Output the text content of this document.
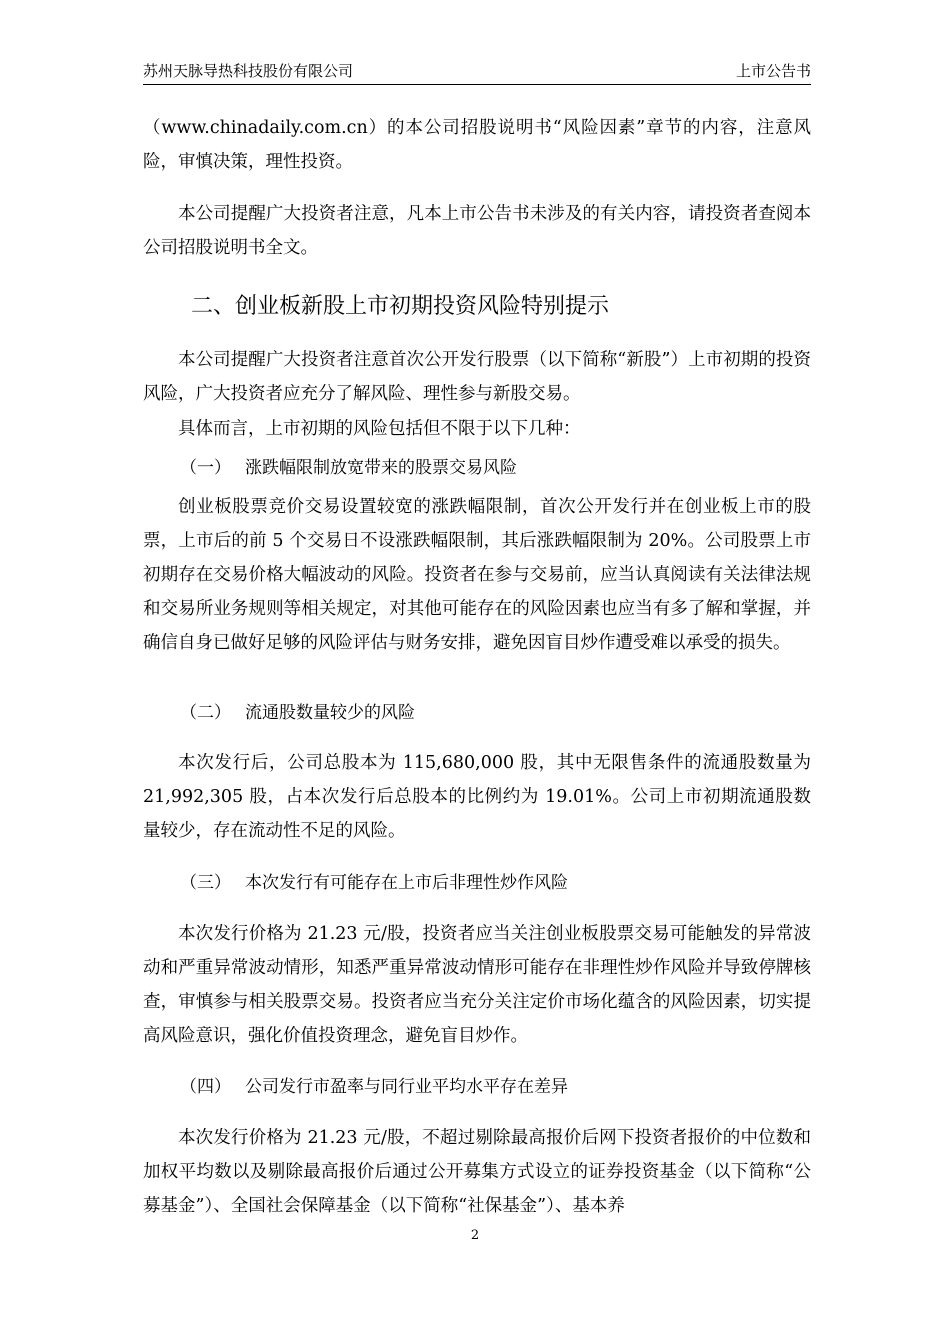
苏州天脉导热科技股份有限公司	上市公告书

（www.chinadaily.com.cn）的本公司招股说明书“风险因素”章节的内容，注意风险，审慎决策，理性投资。

本公司提醒广大投资者注意，凡本上市公告书未涉及的有关内容，请投资者查阅本公司招股说明书全文。

二、创业板新股上市初期投资风险特别提示

本公司提醒广大投资者注意首次公开发行股票（以下简称“新股”）上市初期的投资风险，广大投资者应充分了解风险、理性参与新股交易。

具体而言，上市初期的风险包括但不限于以下几种：

（一） 涨跌幅限制放宽带来的股票交易风险

创业板股票竞价交易设置较宽的涨跌幅限制，首次公开发行并在创业板上市的股票，上市后的前 5 个交易日不设涨跌幅限制，其后涨跌幅限制为 20%。公司股票上市初期存在交易价格大幅波动的风险。投资者在参与交易前，应当认真阅读有关法律法规和交易所业务规则等相关规定，对其他可能存在的风险因素也应当有多了解和掌握，并确信自身已做好足够的风险评估与财务安排，避免因盲目炒作遭受难以承受的损失。

（二） 流通股数量较少的风险

本次发行后，公司总股本为 115,680,000 股，其中无限售条件的流通股数量为 21,992,305 股，占本次发行后总股本的比例约为 19.01%。公司上市初期流通股数量较少，存在流动性不足的风险。

（三） 本次发行有可能存在上市后非理性炒作风险

本次发行价格为 21.23 元/股，投资者应当关注创业板股票交易可能触发的异常波动和严重异常波动情形，知悉严重异常波动情形可能存在非理性炒作风险并导致停牌核查，审慎参与相关股票交易。投资者应当充分关注定价市场化蕴含的风险因素，切实提高风险意识，强化价值投资理念，避免盲目炒作。

（四） 公司发行市盈率与同行业平均水平存在差异

本次发行价格为 21.23 元/股，不超过剔除最高报价后网下投资者报价的中位数和加权平均数以及剔除最高报价后通过公开募集方式设立的证券投资基金（以下简称“公募基金”）、全国社会保障基金（以下简称“社保基金”）、基本养

2
